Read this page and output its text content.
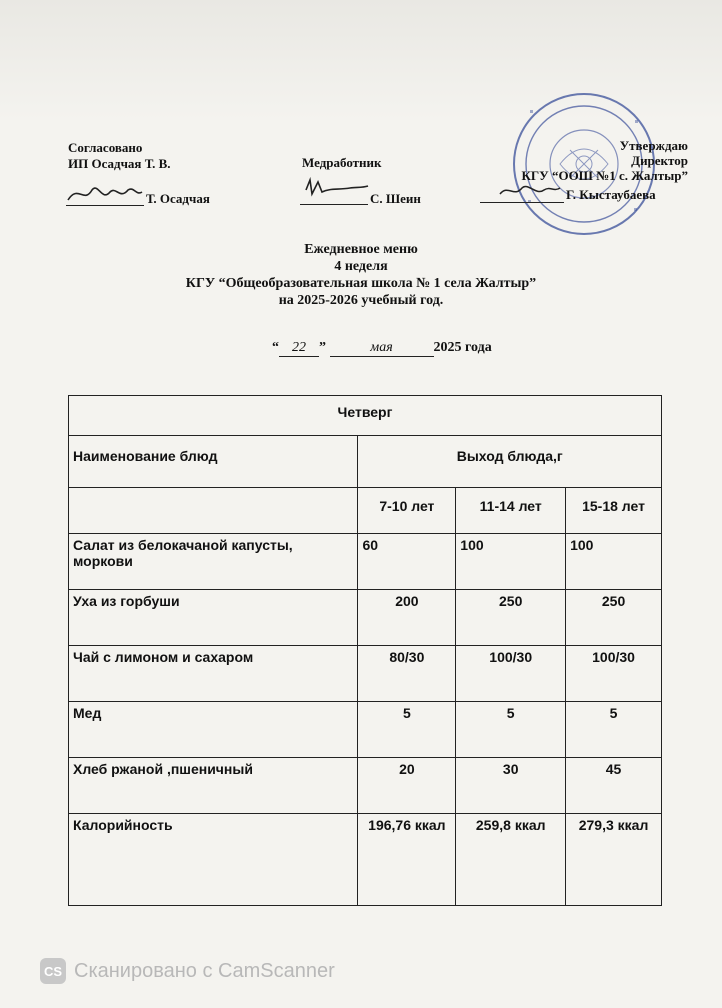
Согласовано
ИП Осадчая Т. В.
Т. Осадчая
Медработник
С. Шеин
Утверждаю
Директор
КГУ “ООШ №1 с. Жалтыр”
Г. Кыстаубаева
Ежедневное меню
4 неделя
КГУ “Общеобразовательная школа № 1 села Жалтыр”
на 2025-2026 учебный год.
“ 22 ”	мая	2025 года
Четверг			
Наименование блюд	Выход блюда,г		
	7-10 лет	11-14 лет	15-18 лет
Салат из белокачаной капусты, моркови	60	100	100
Уха из горбуши	200	250	250
Чай с лимоном и сахаром	80/30	100/30	100/30
Мед	5	5	5
Хлеб ржаной ,пшеничный	20	30	45
Калорийность	196,76 ккал	259,8 ккал	279,3 ккал
CS Сканировано с CamScanner
